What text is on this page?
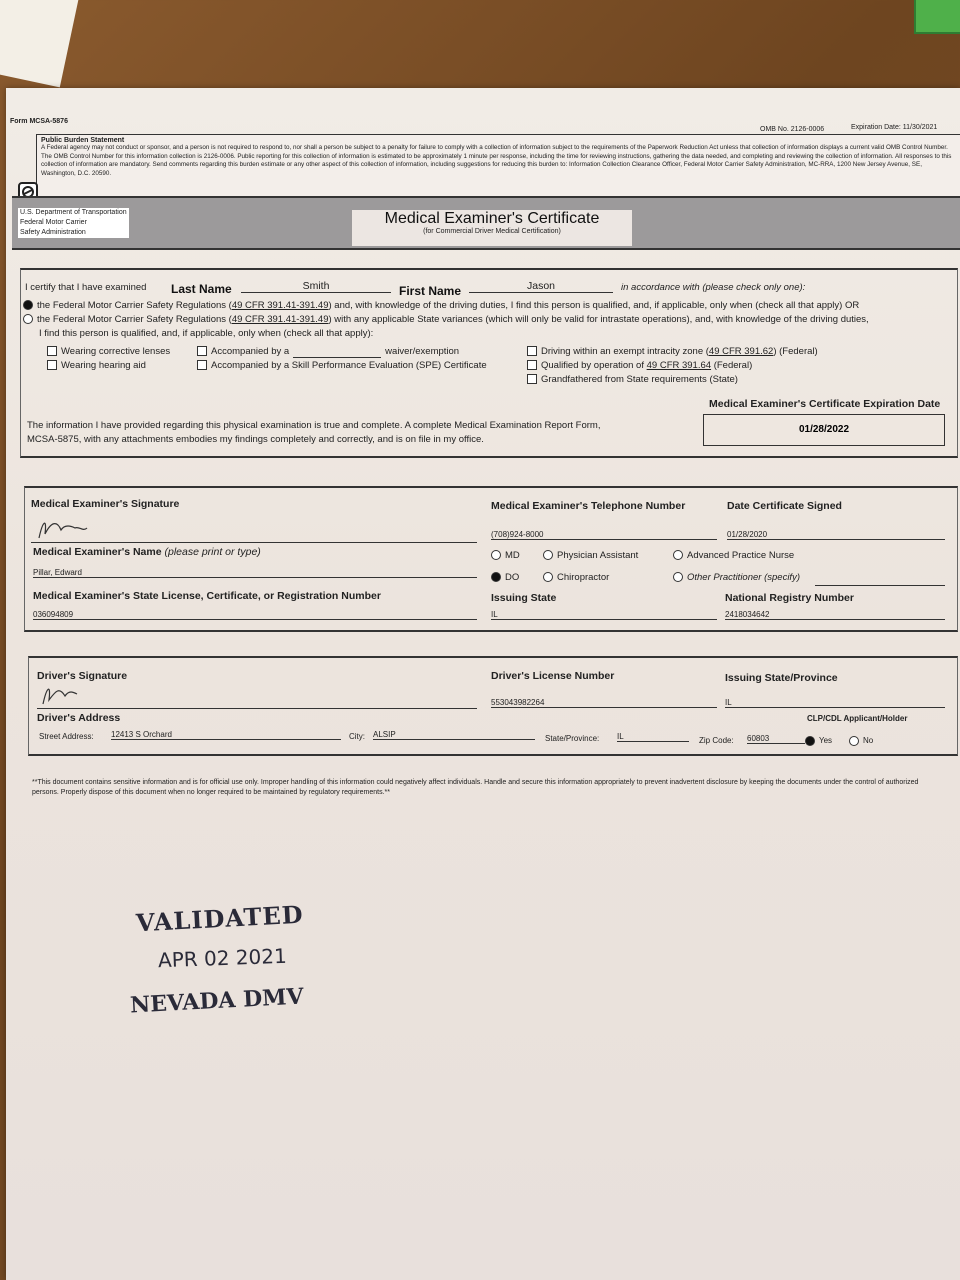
Form MCSA-5876
OMB No. 2126-0006	Expiration Date: 11/30/2021
Public Burden Statement
A Federal agency may not conduct or sponsor, and a person is not required to respond to, nor shall a person be subject to a penalty for failure to comply with a collection of information subject to the requirements of the Paperwork Reduction Act unless that collection of information displays a current valid OMB Control Number. The OMB Control Number for this information collection is 2126-0006. Public reporting for this collection of information is estimated to be approximately 1 minute per response, including the time for reviewing instructions, gathering the data needed, and completing and reviewing the collection of information. All responses to this collection of information are mandatory. Send comments regarding this burden estimate or any other aspect of this collection of information, including suggestions for reducing this burden to: Information Collection Clearance Officer, Federal Motor Carrier Safety Administration, MC-RRA, 1200 New Jersey Avenue, SE, Washington, D.C. 20590.
U.S. Department of Transportation
Federal Motor Carrier
Safety Administration
Medical Examiner's Certificate
(for Commercial Driver Medical Certification)
I certify that I have examined Last Name	Smith	First Name	Jason	in accordance with (please check only one):
the Federal Motor Carrier Safety Regulations (49 CFR 391.41-391.49) and, with knowledge of the driving duties, I find this person is qualified, and, if applicable, only when (check all that apply) OR
the Federal Motor Carrier Safety Regulations (49 CFR 391.41-391.49) with any applicable State variances (which will only be valid for intrastate operations), and, with knowledge of the driving duties,
I find this person is qualified, and, if applicable, only when (check all that apply):
Wearing corrective lenses
Wearing hearing aid
Accompanied by a	waiver/exemption
Accompanied by a Skill Performance Evaluation (SPE) Certificate
Driving within an exempt intracity zone (49 CFR 391.62) (Federal)
Qualified by operation of 49 CFR 391.64 (Federal)
Grandfathered from State requirements (State)
Medical Examiner's Certificate Expiration Date
01/28/2022
The information I have provided regarding this physical examination is true and complete. A complete Medical Examination Report Form,
MCSA-5875, with any attachments embodies my findings completely and correctly, and is on file in my office.
Medical Examiner's Signature	Medical Examiner's Telephone Number
(708)924-8000
Date Certificate Signed
01/28/2020
Medical Examiner's Name (please print or type)
Pillar, Edward
MD
DO
Physician Assistant
Chiropractor
Advanced Practice Nurse
Other Practitioner (specify)
Medical Examiner's State License, Certificate, or Registration Number
036094809
Issuing State
IL
National Registry Number
2418034642
Driver's Signature	Driver's License Number
553043982264
Issuing State/Province
IL
Driver's Address	CLP/CDL Applicant/Holder
Street Address: 12413 S Orchard	City: ALSIP	State/Province: IL	Zip Code: 60803	Yes	No
**This document contains sensitive information and is for official use only. Improper handling of this information could negatively affect individuals. Handle and secure this information appropriately to prevent inadvertent disclosure by keeping the documents under the control of authorized persons. Properly dispose of this document when no longer required to be maintained by regulatory requirements.**
VALIDATED
APR 02 2021
NEVADA DMV
